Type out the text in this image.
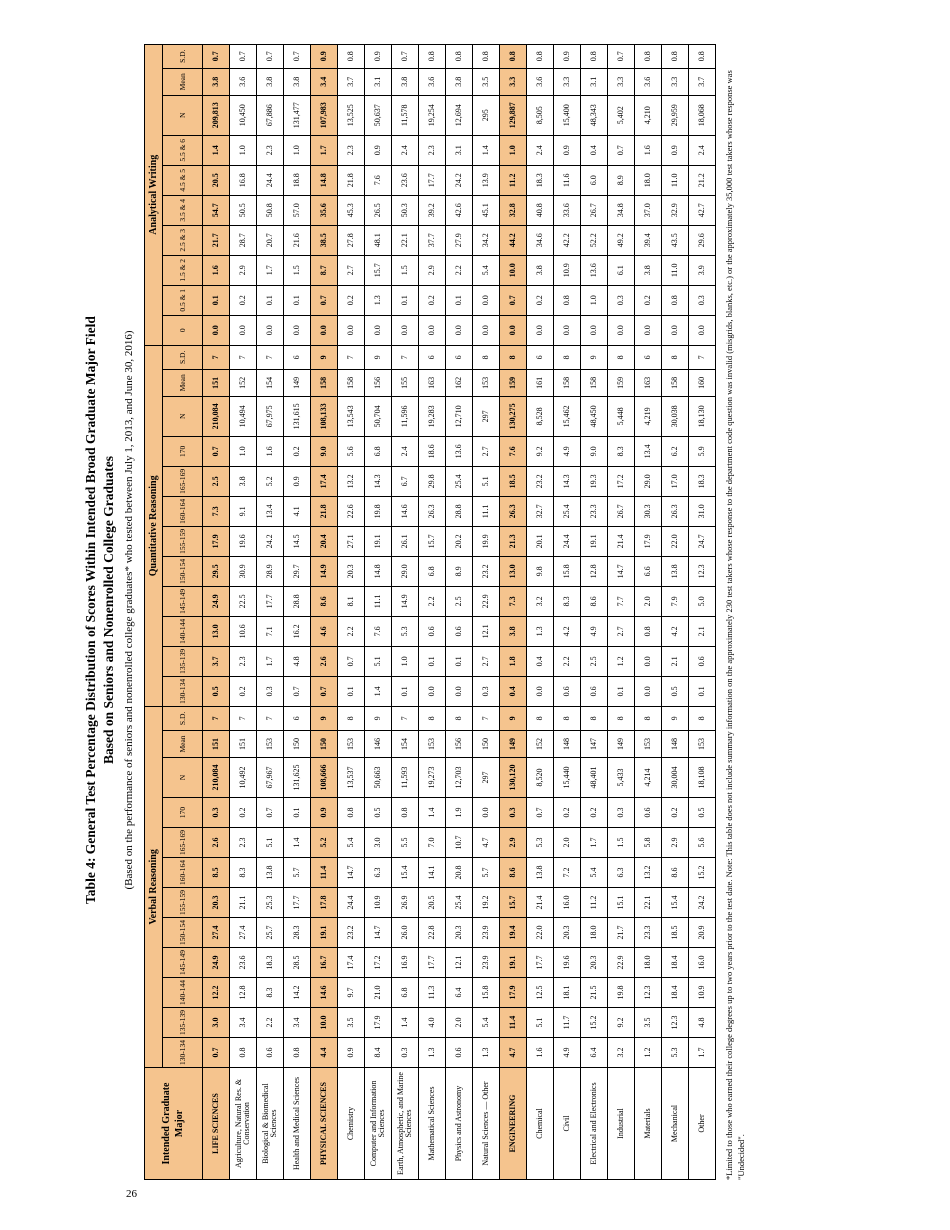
Table 4: General Test Percentage Distribution of Scores Within Intended Broad Graduate Major Field Based on Seniors and Nonenrolled College Graduates (Based on the performance of seniors and nonenrolled college graduates* who tested between July 1, 2013, and June 30, 2016)
Intended Graduate Major	Verbal Reasoning												Quantitative Reasoning												Analytical Writing									
	130-134	135-139	140-144	145-149	150-154	155-159	160-164	165-169	170	N	Mean	S.D.	130-134	135-139	140-144	145-149	150-154	155-159	160-164	165-169	170	N	Mean	S.D.	0	0.5 & 1	1.5 & 2	2.5 & 3	3.5 & 4	4.5 & 5	5.5 & 6	N	Mean	S.D.
LIFE SCIENCES	0.7	3.0	12.2	24.9	27.4	20.3	8.5	2.6	0.3	210,084	151	7	0.5	3.7	13.0	24.9	29.5	17.9	7.3	2.5	0.7	210,084	151	7	0.0	0.1	1.6	21.7	54.7	20.5	1.4	209,813	3.8	0.7
Agriculture, Natural Res. & Conservation	0.8	3.4	12.8	23.6	27.4	21.1	8.3	2.3	0.2	10,492	151	7	0.2	2.3	10.6	22.5	30.9	19.6	9.1	3.8	1.0	10,494	152	7	0.0	0.2	2.9	28.7	50.5	16.8	1.0	10,450	3.6	0.7
Biological & Biomedical Sciences	0.6	2.2	8.3	18.3	25.7	25.3	13.8	5.1	0.7	67,967	153	7	0.3	1.7	7.1	17.7	28.9	24.2	13.4	5.2	1.6	67,975	154	7	0.0	0.1	1.7	20.7	50.8	24.4	2.3	67,886	3.8	0.7
Health and Medical Sciences	0.8	3.4	14.2	28.5	28.3	17.7	5.7	1.4	0.1	131,625	150	6	0.7	4.8	16.2	28.8	29.7	14.5	4.1	0.9	0.2	131,615	149	6	0.0	0.1	1.5	21.6	57.0	18.8	1.0	131,477	3.8	0.7
PHYSICAL SCIENCES	4.4	10.0	14.6	16.7	19.1	17.8	11.4	5.2	0.9	108,666	150	9	0.7	2.6	4.6	8.6	14.9	20.4	21.8	17.4	9.0	108,133	158	9	0.0	0.7	8.7	38.5	35.6	14.8	1.7	107,983	3.4	0.9
Chemistry	0.9	3.5	9.7	17.4	23.2	24.4	14.7	5.4	0.8	13,537	153	8	0.1	0.7	2.2	8.1	20.3	27.1	22.6	13.2	5.6	13,543	158	7	0.0	0.2	2.7	27.8	45.3	21.8	2.3	13,525	3.7	0.8
Computer and Information Sciences	8.4	17.9	21.0	17.2	14.7	10.9	6.3	3.0	0.5	50,663	146	9	1.4	5.1	7.6	11.1	14.8	19.1	19.8	14.3	6.8	50,704	156	9	0.0	1.3	15.7	48.1	26.5	7.6	0.9	50,637	3.1	0.9
Earth, Atmospheric, and Marine Sciences	0.3	1.4	6.8	16.9	26.0	26.9	15.4	5.5	0.8	11,593	154	7	0.1	1.0	5.3	14.9	29.0	26.1	14.6	6.7	2.4	11,596	155	7	0.0	0.1	1.5	22.1	50.3	23.6	2.4	11,578	3.8	0.7
Mathematical Sciences	1.3	4.0	11.3	17.7	22.8	20.5	14.1	7.0	1.4	19,273	153	8	0.0	0.1	0.6	2.2	6.8	15.7	26.3	29.8	18.6	19,283	163	6	0.0	0.2	2.9	37.7	39.2	17.7	2.3	19,254	3.6	0.8
Physics and Astronomy	0.6	2.0	6.4	12.1	20.3	25.4	20.8	10.7	1.9	12,703	156	8	0.0	0.1	0.6	2.5	8.9	20.2	28.8	25.4	13.6	12,710	162	6	0.0	0.1	2.2	27.9	42.6	24.2	3.1	12,694	3.8	0.8
Natural Sciences — Other	1.3	5.4	15.8	23.9	23.9	19.2	5.7	4.7	0.0	297	150	7	0.3	2.7	12.1	22.9	23.2	19.9	11.1	5.1	2.7	297	153	8	0.0	0.0	5.4	34.2	45.1	13.9	1.4	295	3.5	0.8
ENGINEERING	4.7	11.4	17.9	19.1	19.4	15.7	8.6	2.9	0.3	130,120	149	9	0.4	1.8	3.8	7.3	13.0	21.3	26.3	18.5	7.6	130,275	159	8	0.0	0.7	10.0	44.2	32.8	11.2	1.0	129,887	3.3	0.8
Chemical	1.6	5.1	12.5	17.7	22.0	21.4	13.8	5.3	0.7	8,520	152	8	0.0	0.4	1.3	3.2	9.8	20.1	32.7	23.2	9.2	8,528	161	6	0.0	0.2	3.8	34.6	40.8	18.3	2.4	8,505	3.6	0.8
Civil	4.9	11.7	18.1	19.6	20.3	16.0	7.2	2.0	0.2	15,440	148	8	0.6	2.2	4.2	8.3	15.8	24.4	25.4	14.3	4.9	15,462	158	8	0.0	0.8	10.9	42.2	33.6	11.6	0.9	15,400	3.3	0.9
Electrical and Electronics	6.4	15.2	21.5	20.3	18.0	11.2	5.4	1.7	0.2	48,401	147	8	0.6	2.5	4.9	8.6	12.8	19.1	23.3	19.3	9.0	48,450	158	9	0.0	1.0	13.6	52.2	26.7	6.0	0.4	48,343	3.1	0.8
Industrial	3.2	9.2	19.8	22.9	21.7	15.1	6.3	1.5	0.3	5,433	149	8	0.1	1.2	2.7	7.7	14.7	21.4	26.7	17.2	8.3	5,448	159	8	0.0	0.3	6.1	49.2	34.8	8.9	0.7	5,402	3.3	0.7
Materials	1.2	3.5	12.3	18.0	23.3	22.1	13.2	5.8	0.6	4,214	153	8	0.0	0.0	0.8	2.0	6.6	17.9	30.3	29.0	13.4	4,219	163	6	0.0	0.2	3.8	39.4	37.0	18.0	1.6	4,210	3.6	0.8
Mechanical	5.3	12.3	18.4	18.4	18.5	15.4	8.6	2.9	0.2	30,004	148	9	0.5	2.1	4.2	7.9	13.8	22.0	26.3	17.0	6.2	30,038	158	8	0.0	0.8	11.0	43.5	32.9	11.0	0.9	29,959	3.3	0.8
Other	1.7	4.8	10.9	16.0	20.9	24.2	15.2	5.6	0.5	18,108	153	8	0.1	0.6	2.1	5.0	12.3	24.7	31.0	18.3	5.9	18,130	160	7	0.0	0.3	3.9	29.6	42.7	21.2	2.4	18,068	3.7	0.8
*Limited to those who earned their college degrees up to two years prior to the test date. Note: This table does not include summary information on the approximately 230 test takers whose response to the department code question was invalid (misgrids, blanks, etc.) or the approximately 35,000 test takers whose response was "Undecided".
26
